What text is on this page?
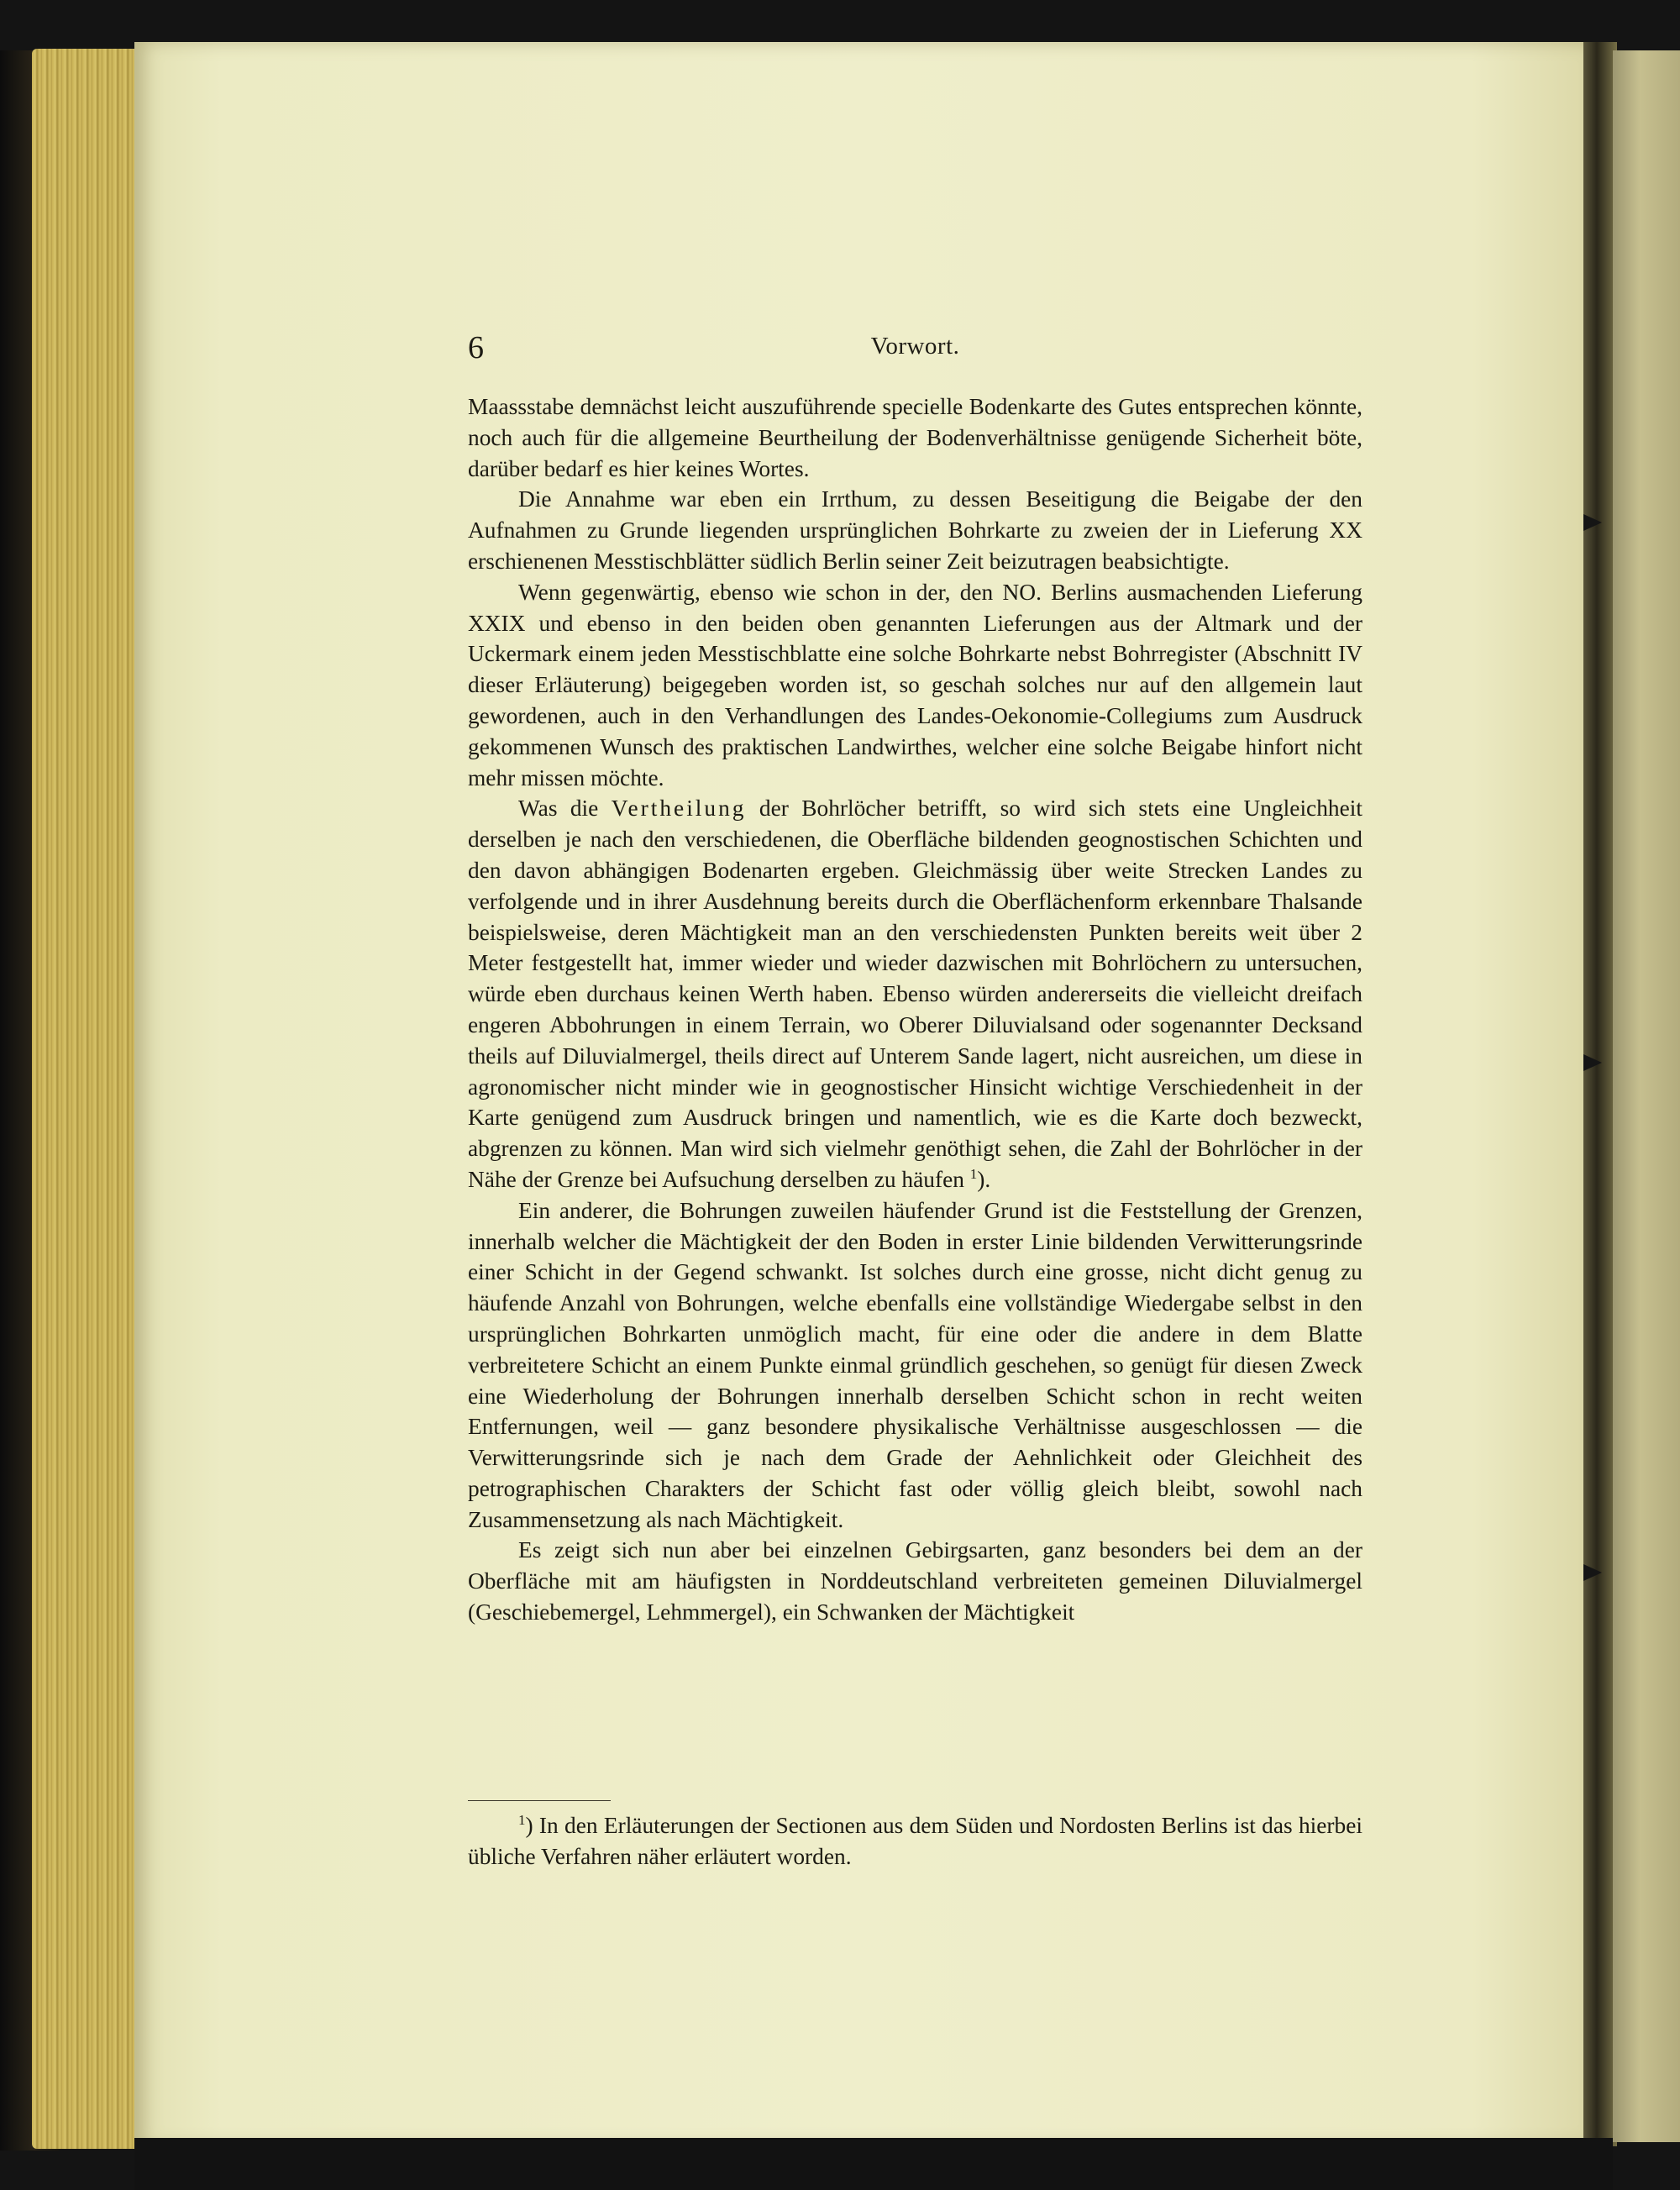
6	Vorwort.

Maassstabe demnächst leicht auszuführende specielle Bodenkarte des Gutes entsprechen könnte, noch auch für die allgemeine Beurtheilung der Bodenverhältnisse genügende Sicherheit böte, darüber bedarf es hier keines Wortes.

Die Annahme war eben ein Irrthum, zu dessen Beseitigung die Beigabe der den Aufnahmen zu Grunde liegenden ursprünglichen Bohrkarte zu zweien der in Lieferung XX erschienenen Messtischblätter südlich Berlin seiner Zeit beizutragen beabsichtigte.

Wenn gegenwärtig, ebenso wie schon in der, den NO. Berlins ausmachenden Lieferung XXIX und ebenso in den beiden oben genannten Lieferungen aus der Altmark und der Uckermark einem jeden Messtischblatte eine solche Bohrkarte nebst Bohrregister (Abschnitt IV dieser Erläuterung) beigegeben worden ist, so geschah solches nur auf den allgemein laut gewordenen, auch in den Verhandlungen des Landes-Oekonomie-Collegiums zum Ausdruck gekommenen Wunsch des praktischen Landwirthes, welcher eine solche Beigabe hinfort nicht mehr missen möchte.

Was die Vertheilung der Bohrlöcher betrifft, so wird sich stets eine Ungleichheit derselben je nach den verschiedenen, die Oberfläche bildenden geognostischen Schichten und den davon abhängigen Bodenarten ergeben. Gleichmässig über weite Strecken Landes zu verfolgende und in ihrer Ausdehnung bereits durch die Oberflächenform erkennbare Thalsande beispielsweise, deren Mächtigkeit man an den verschiedensten Punkten bereits weit über 2 Meter festgestellt hat, immer wieder und wieder dazwischen mit Bohrlöchern zu untersuchen, würde eben durchaus keinen Werth haben. Ebenso würden andererseits die vielleicht dreifach engeren Abbohrungen in einem Terrain, wo Oberer Diluvialsand oder sogenannter Decksand theils auf Diluvialmergel, theils direct auf Unterem Sande lagert, nicht ausreichen, um diese in agronomischer nicht minder wie in geognostischer Hinsicht wichtige Verschiedenheit in der Karte genügend zum Ausdruck bringen und namentlich, wie es die Karte doch bezweckt, abgrenzen zu können. Man wird sich vielmehr genöthigt sehen, die Zahl der Bohrlöcher in der Nähe der Grenze bei Aufsuchung derselben zu häufen $^1$).

Ein anderer, die Bohrungen zuweilen häufender Grund ist die Feststellung der Grenzen, innerhalb welcher die Mächtigkeit der den Boden in erster Linie bildenden Verwitterungsrinde einer Schicht in der Gegend schwankt. Ist solches durch eine grosse, nicht dicht genug zu häufende Anzahl von Bohrungen, welche ebenfalls eine vollständige Wiedergabe selbst in den ursprünglichen Bohrkarten unmöglich macht, für eine oder die andere in dem Blatte verbreitetere Schicht an einem Punkte einmal gründlich geschehen, so genügt für diesen Zweck eine Wiederholung der Bohrungen innerhalb derselben Schicht schon in recht weiten Entfernungen, weil — ganz besondere physikalische Verhältnisse ausgeschlossen — die Verwitterungsrinde sich je nach dem Grade der Aehnlichkeit oder Gleichheit des petrographischen Charakters der Schicht fast oder völlig gleich bleibt, sowohl nach Zusammensetzung als nach Mächtigkeit.

Es zeigt sich nun aber bei einzelnen Gebirgsarten, ganz besonders bei dem an der Oberfläche mit am häufigsten in Norddeutschland verbreiteten gemeinen Diluvialmergel (Geschiebemergel, Lehmmergel), ein Schwanken der Mächtigkeit

$^1$) In den Erläuterungen der Sectionen aus dem Süden und Nordosten Berlins ist das hierbei übliche Verfahren näher erläutert worden.
